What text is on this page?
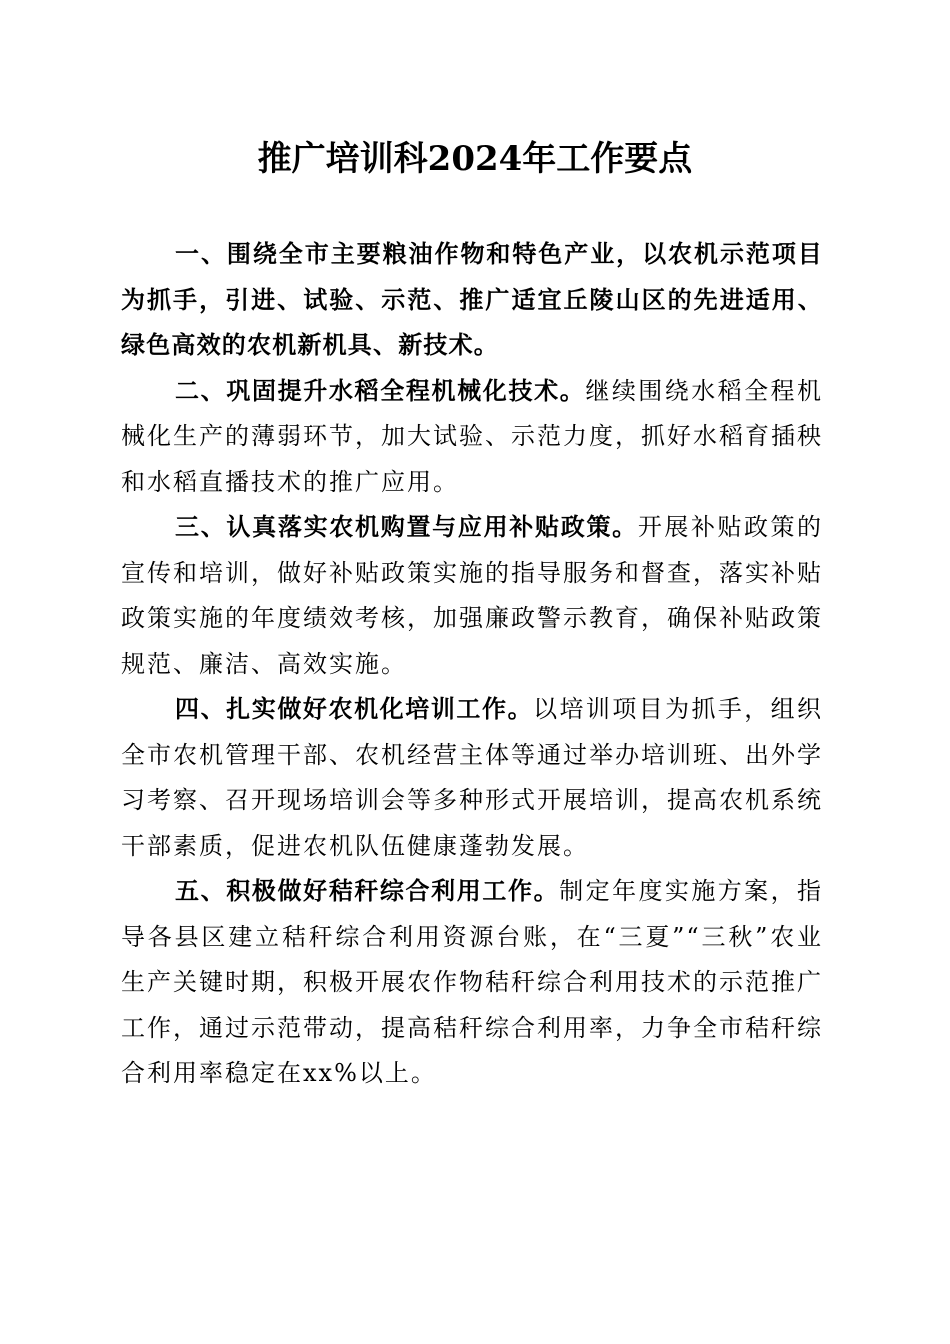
推广培训科2024年工作要点

一、围绕全市主要粮油作物和特色产业，以农机示范项目为抓手，引进、试验、示范、推广适宜丘陵山区的先进适用、绿色高效的农机新机具、新技术。

二、巩固提升水稻全程机械化技术。继续围绕水稻全程机械化生产的薄弱环节，加大试验、示范力度，抓好水稻育插秧和水稻直播技术的推广应用。

三、认真落实农机购置与应用补贴政策。开展补贴政策的宣传和培训，做好补贴政策实施的指导服务和督查，落实补贴政策实施的年度绩效考核，加强廉政警示教育，确保补贴政策规范、廉洁、高效实施。

四、扎实做好农机化培训工作。以培训项目为抓手，组织全市农机管理干部、农机经营主体等通过举办培训班、出外学习考察、召开现场培训会等多种形式开展培训，提高农机系统干部素质，促进农机队伍健康蓬勃发展。

五、积极做好秸秆综合利用工作。制定年度实施方案，指导各县区建立秸秆综合利用资源台账，在“三夏”“三秋”农业生产关键时期，积极开展农作物秸秆综合利用技术的示范推广工作，通过示范带动，提高秸秆综合利用率，力争全市秸秆综合利用率稳定在xx%以上。
